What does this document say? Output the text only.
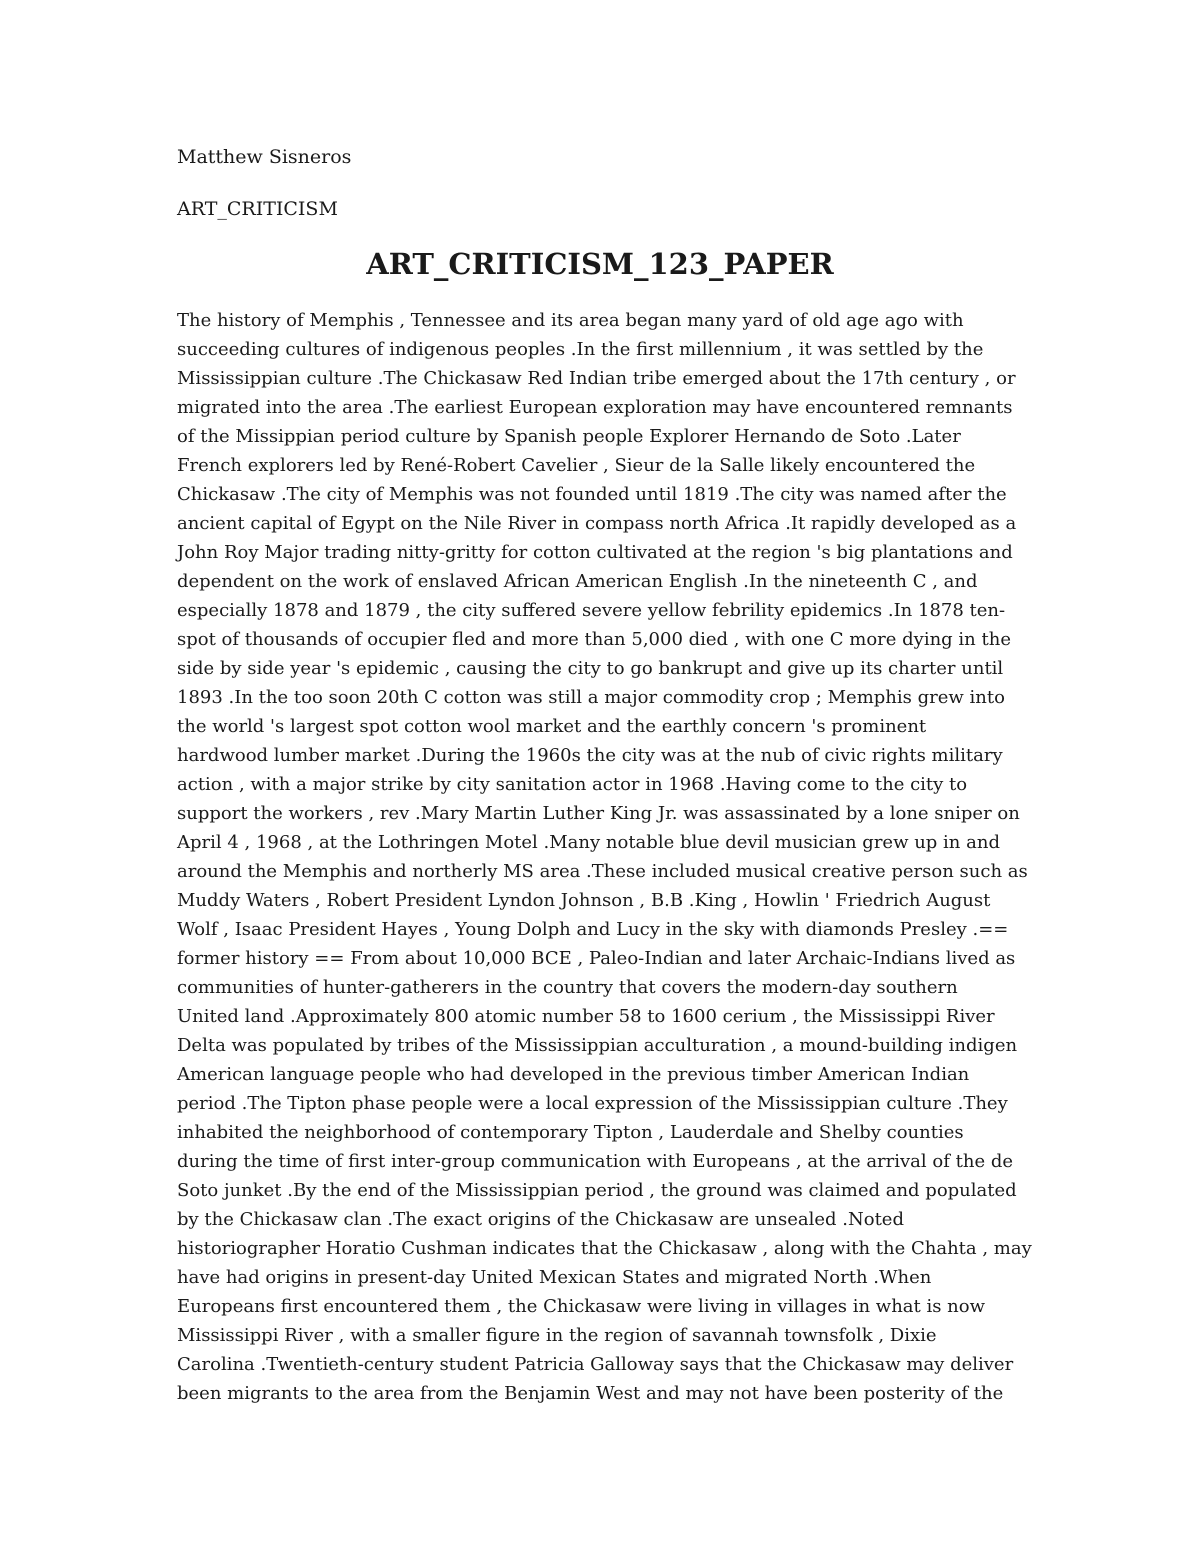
Matthew Sisneros

ART_CRITICISM

ART_CRITICISM_123_PAPER
The history of Memphis , Tennessee and its area began many yard of old age ago with
succeeding cultures of indigenous peoples .In the first millennium , it was settled by the
Mississippian culture .The Chickasaw Red Indian tribe emerged about the 17th century , or
migrated into the area .The earliest European exploration may have encountered remnants
of the Missippian period culture by Spanish people Explorer Hernando de Soto .Later
French explorers led by René-Robert Cavelier , Sieur de la Salle likely encountered the
Chickasaw .The city of Memphis was not founded until 1819 .The city was named after the
ancient capital of Egypt on the Nile River in compass north Africa .It rapidly developed as a
John Roy Major trading nitty-gritty for cotton cultivated at the region 's big plantations and
dependent on the work of enslaved African American English .In the nineteenth C , and
especially 1878 and 1879 , the city suffered severe yellow febrility epidemics .In 1878 ten-
spot of thousands of occupier fled and more than 5,000 died , with one C more dying in the
side by side year 's epidemic , causing the city to go bankrupt and give up its charter until
1893 .In the too soon 20th C cotton was still a major commodity crop ; Memphis grew into
the world 's largest spot cotton wool market and the earthly concern 's prominent
hardwood lumber market .During the 1960s the city was at the nub of civic rights military
action , with a major strike by city sanitation actor in 1968 .Having come to the city to
support the workers , rev .Mary Martin Luther King Jr. was assassinated by a lone sniper on
April 4 , 1968 , at the Lothringen Motel .Many notable blue devil musician grew up in and
around the Memphis and northerly MS area .These included musical creative person such as
Muddy Waters , Robert President Lyndon Johnson , B.B .King , Howlin ' Friedrich August
Wolf , Isaac President Hayes , Young Dolph and Lucy in the sky with diamonds Presley .==
former history == From about 10,000 BCE , Paleo-Indian and later Archaic-Indians lived as
communities of hunter-gatherers in the country that covers the modern-day southern
United land .Approximately 800 atomic number 58 to 1600 cerium , the Mississippi River
Delta was populated by tribes of the Mississippian acculturation , a mound-building indigen
American language people who had developed in the previous timber American Indian
period .The Tipton phase people were a local expression of the Mississippian culture .They
inhabited the neighborhood of contemporary Tipton , Lauderdale and Shelby counties
during the time of first inter-group communication with Europeans , at the arrival of the de
Soto junket .By the end of the Mississippian period , the ground was claimed and populated
by the Chickasaw clan .The exact origins of the Chickasaw are unsealed .Noted
historiographer Horatio Cushman indicates that the Chickasaw , along with the Chahta , may
have had origins in present-day United Mexican States and migrated North .When
Europeans first encountered them , the Chickasaw were living in villages in what is now
Mississippi River , with a smaller figure in the region of savannah townsfolk , Dixie
Carolina .Twentieth-century student Patricia Galloway says that the Chickasaw may deliver
been migrants to the area from the Benjamin West and may not have been posterity of the
